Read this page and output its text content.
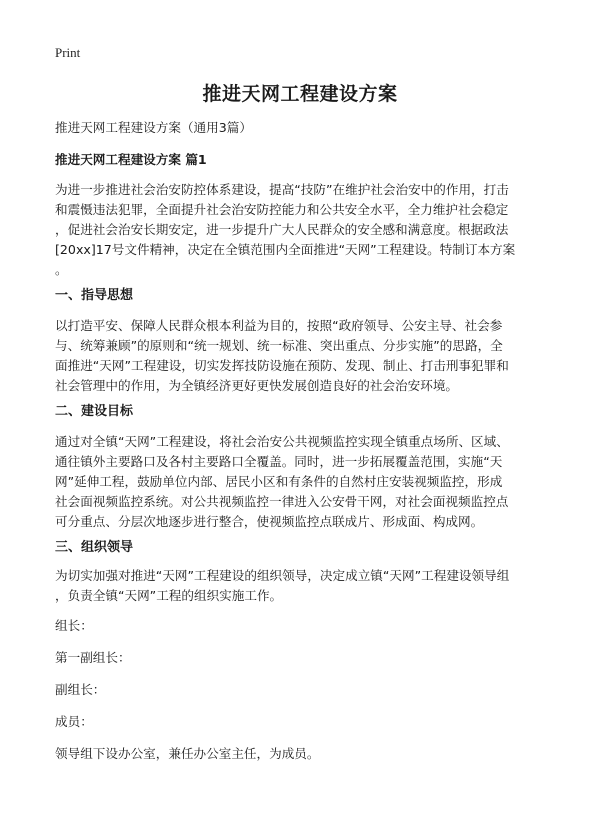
Print
推进天网工程建设方案
推进天网工程建设方案（通用3篇）
推进天网工程建设方案 篇1
为进一步推进社会治安防控体系建设，提高“技防”在维护社会治安中的作用，打击
和震慑违法犯罪，全面提升社会治安防控能力和公共安全水平，全力维护社会稳定
，促进社会治安长期安定，进一步提升广大人民群众的安全感和满意度。根据政法
[20xx]17号文件精神，决定在全镇范围内全面推进“天网”工程建设。特制订本方案
。
一、指导思想
以打造平安、保障人民群众根本利益为目的，按照“政府领导、公安主导、社会参
与、统筹兼顾”的原则和“统一规划、统一标准、突出重点、分步实施”的思路，全
面推进“天网”工程建设，切实发挥技防设施在预防、发现、制止、打击刑事犯罪和
社会管理中的作用，为全镇经济更好更快发展创造良好的社会治安环境。
二、建设目标
通过对全镇“天网”工程建设，将社会治安公共视频监控实现全镇重点场所、区域、
通往镇外主要路口及各村主要路口全覆盖。同时，进一步拓展覆盖范围，实施“天
网”延伸工程，鼓励单位内部、居民小区和有条件的自然村庄安装视频监控，形成
社会面视频监控系统。对公共视频监控一律进入公安骨干网，对社会面视频监控点
可分重点、分层次地逐步进行整合，使视频监控点联成片、形成面、构成网。
三、组织领导
为切实加强对推进“天网”工程建设的组织领导，决定成立镇“天网”工程建设领导组
，负责全镇“天网”工程的组织实施工作。
组长：
第一副组长：
副组长：
成员：
领导组下设办公室，兼任办公室主任，为成员。
